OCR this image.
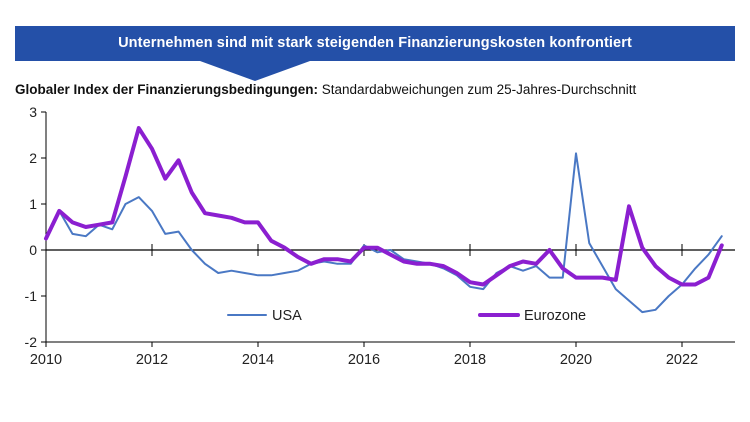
Unternehmen sind mit stark steigenden Finanzierungskosten konfrontiert
Globaler Index der Finanzierungsbedingungen: Standardabweichungen zum 25-Jahres-Durchschnitt
-2
-1
0
1
2
3
2010	2012	2014	2016	2018	2020	2022
USA	Eurozone
